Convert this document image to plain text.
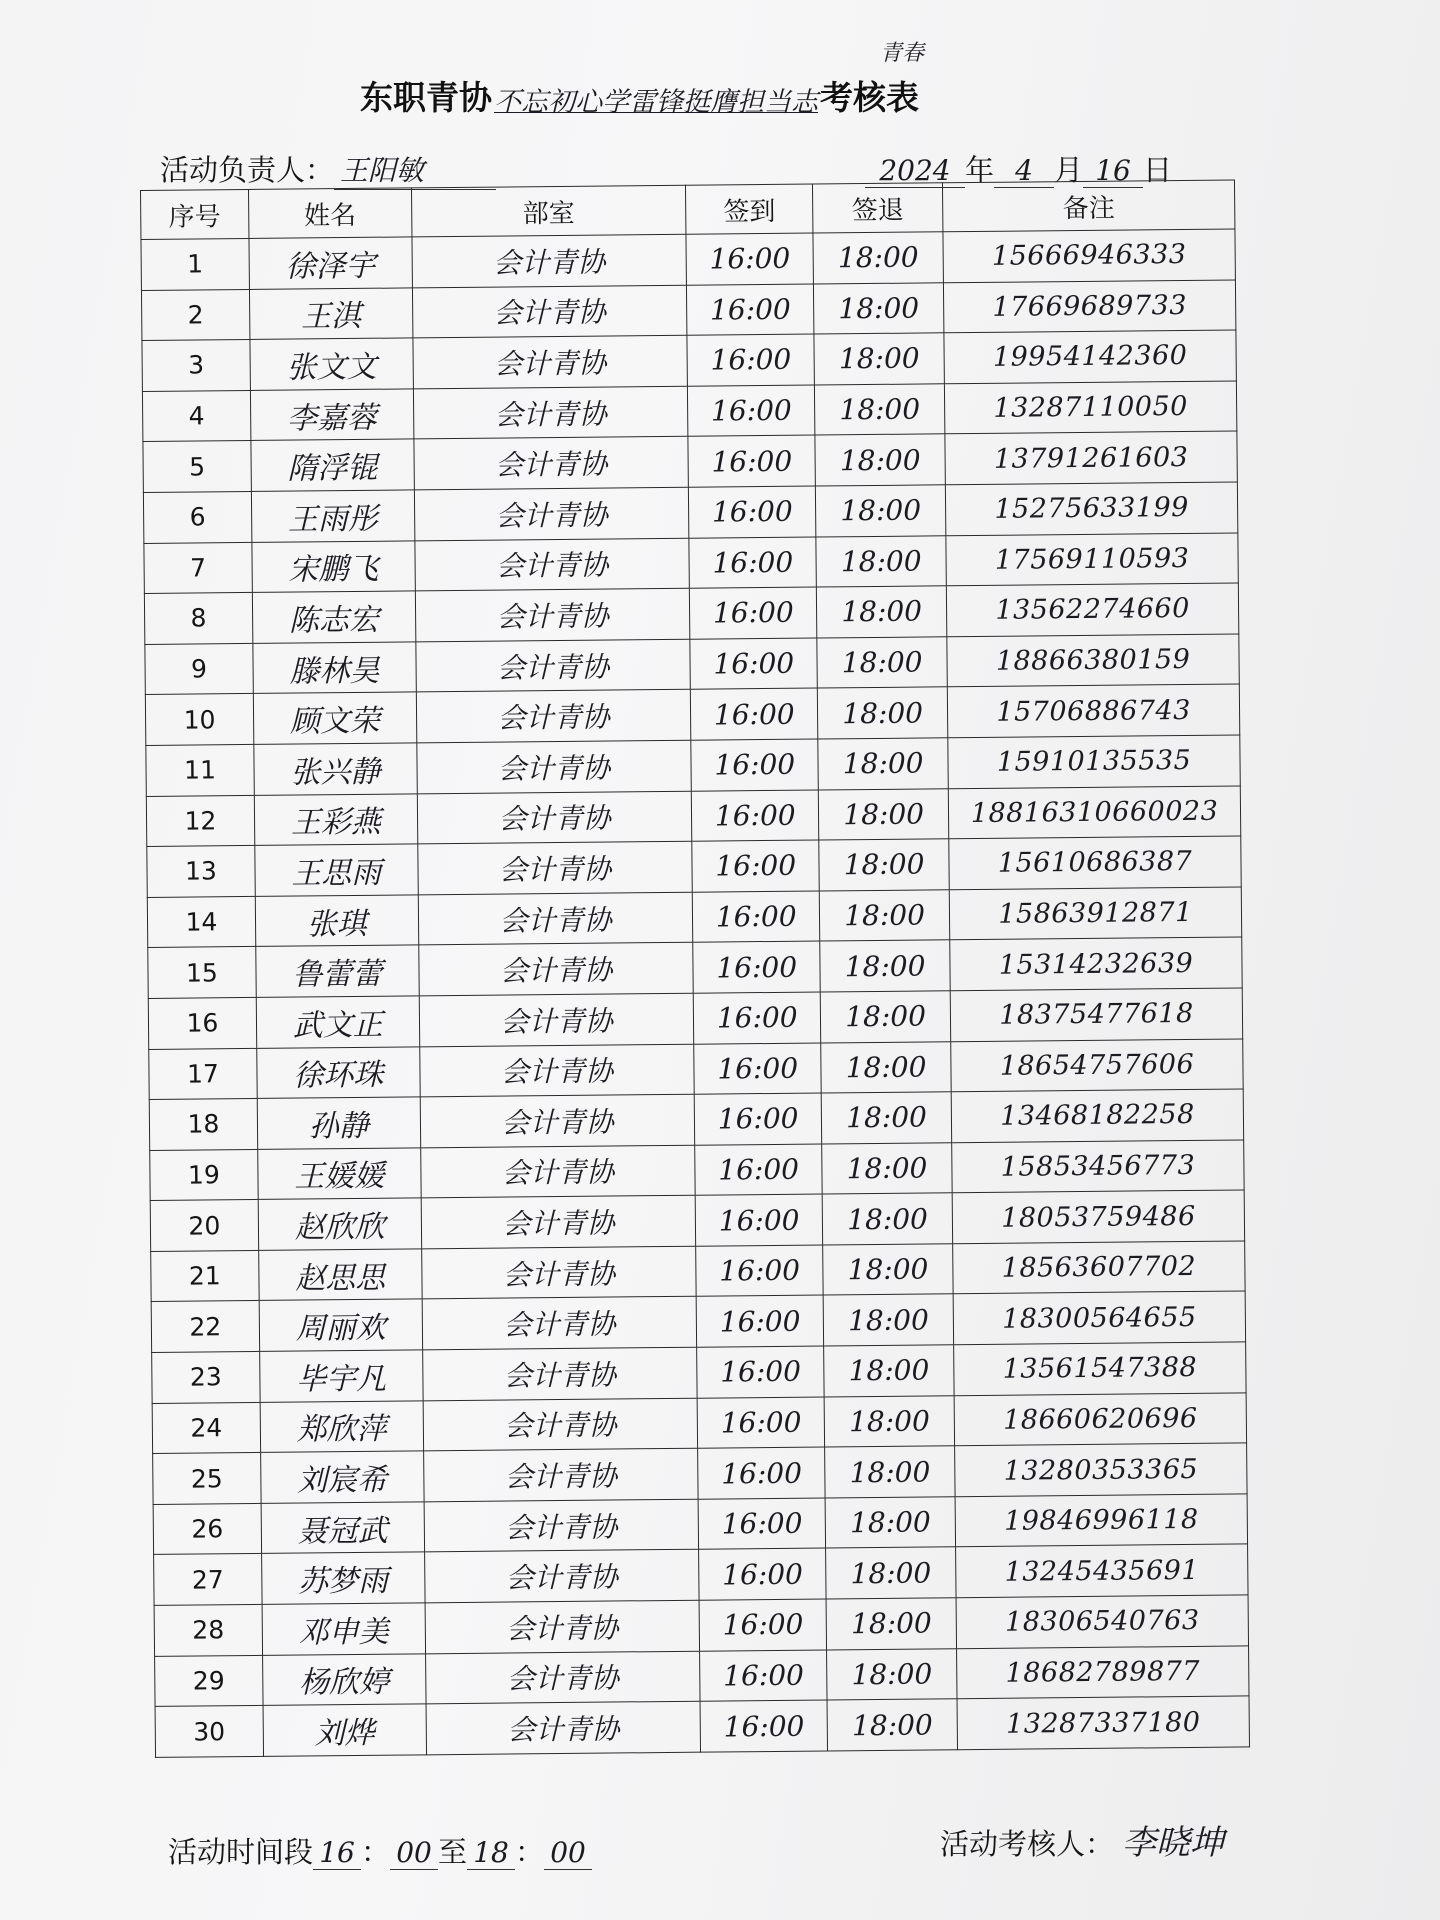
东职青协 不忘初心学雷锋挺膺担当志 考核表
青春
活动负责人： 王阳敏	2024 年 4 月 16 日
序号	姓名	部室	签到	签退	备注
1	徐泽宇	会计青协	16:00	18:00	15666946333
2	王淇	会计青协	16:00	18:00	17669689733
3	张文文	会计青协	16:00	18:00	19954142360
4	李嘉蓉	会计青协	16:00	18:00	13287110050
5	隋浮锟	会计青协	16:00	18:00	13791261603
6	王雨彤	会计青协	16:00	18:00	15275633199
7	宋鹏飞	会计青协	16:00	18:00	17569110593
8	陈志宏	会计青协	16:00	18:00	13562274660
9	滕林昊	会计青协	16:00	18:00	18866380159
10	顾文荣	会计青协	16:00	18:00	15706886743
11	张兴静	会计青协	16:00	18:00	15910135535
12	王彩燕	会计青协	16:00	18:00	18816310660023
13	王思雨	会计青协	16:00	18:00	15610686387
14	张琪	会计青协	16:00	18:00	15863912871
15	鲁蕾蕾	会计青协	16:00	18:00	15314232639
16	武文正	会计青协	16:00	18:00	18375477618
17	徐环珠	会计青协	16:00	18:00	18654757606
18	孙静	会计青协	16:00	18:00	13468182258
19	王媛媛	会计青协	16:00	18:00	15853456773
20	赵欣欣	会计青协	16:00	18:00	18053759486
21	赵思思	会计青协	16:00	18:00	18563607702
22	周丽欢	会计青协	16:00	18:00	18300564655
23	毕宇凡	会计青协	16:00	18:00	13561547388
24	郑欣萍	会计青协	16:00	18:00	18660620696
25	刘宸希	会计青协	16:00	18:00	13280353365
26	聂冠武	会计青协	16:00	18:00	19846996118
27	苏梦雨	会计青协	16:00	18:00	13245435691
28	邓申美	会计青协	16:00	18:00	18306540763
29	杨欣婷	会计青协	16:00	18:00	18682789877
30	刘烨	会计青协	16:00	18:00	13287337180
活动时间段 16 ： 00 至 18 ： 00	活动考核人： 李晓坤
